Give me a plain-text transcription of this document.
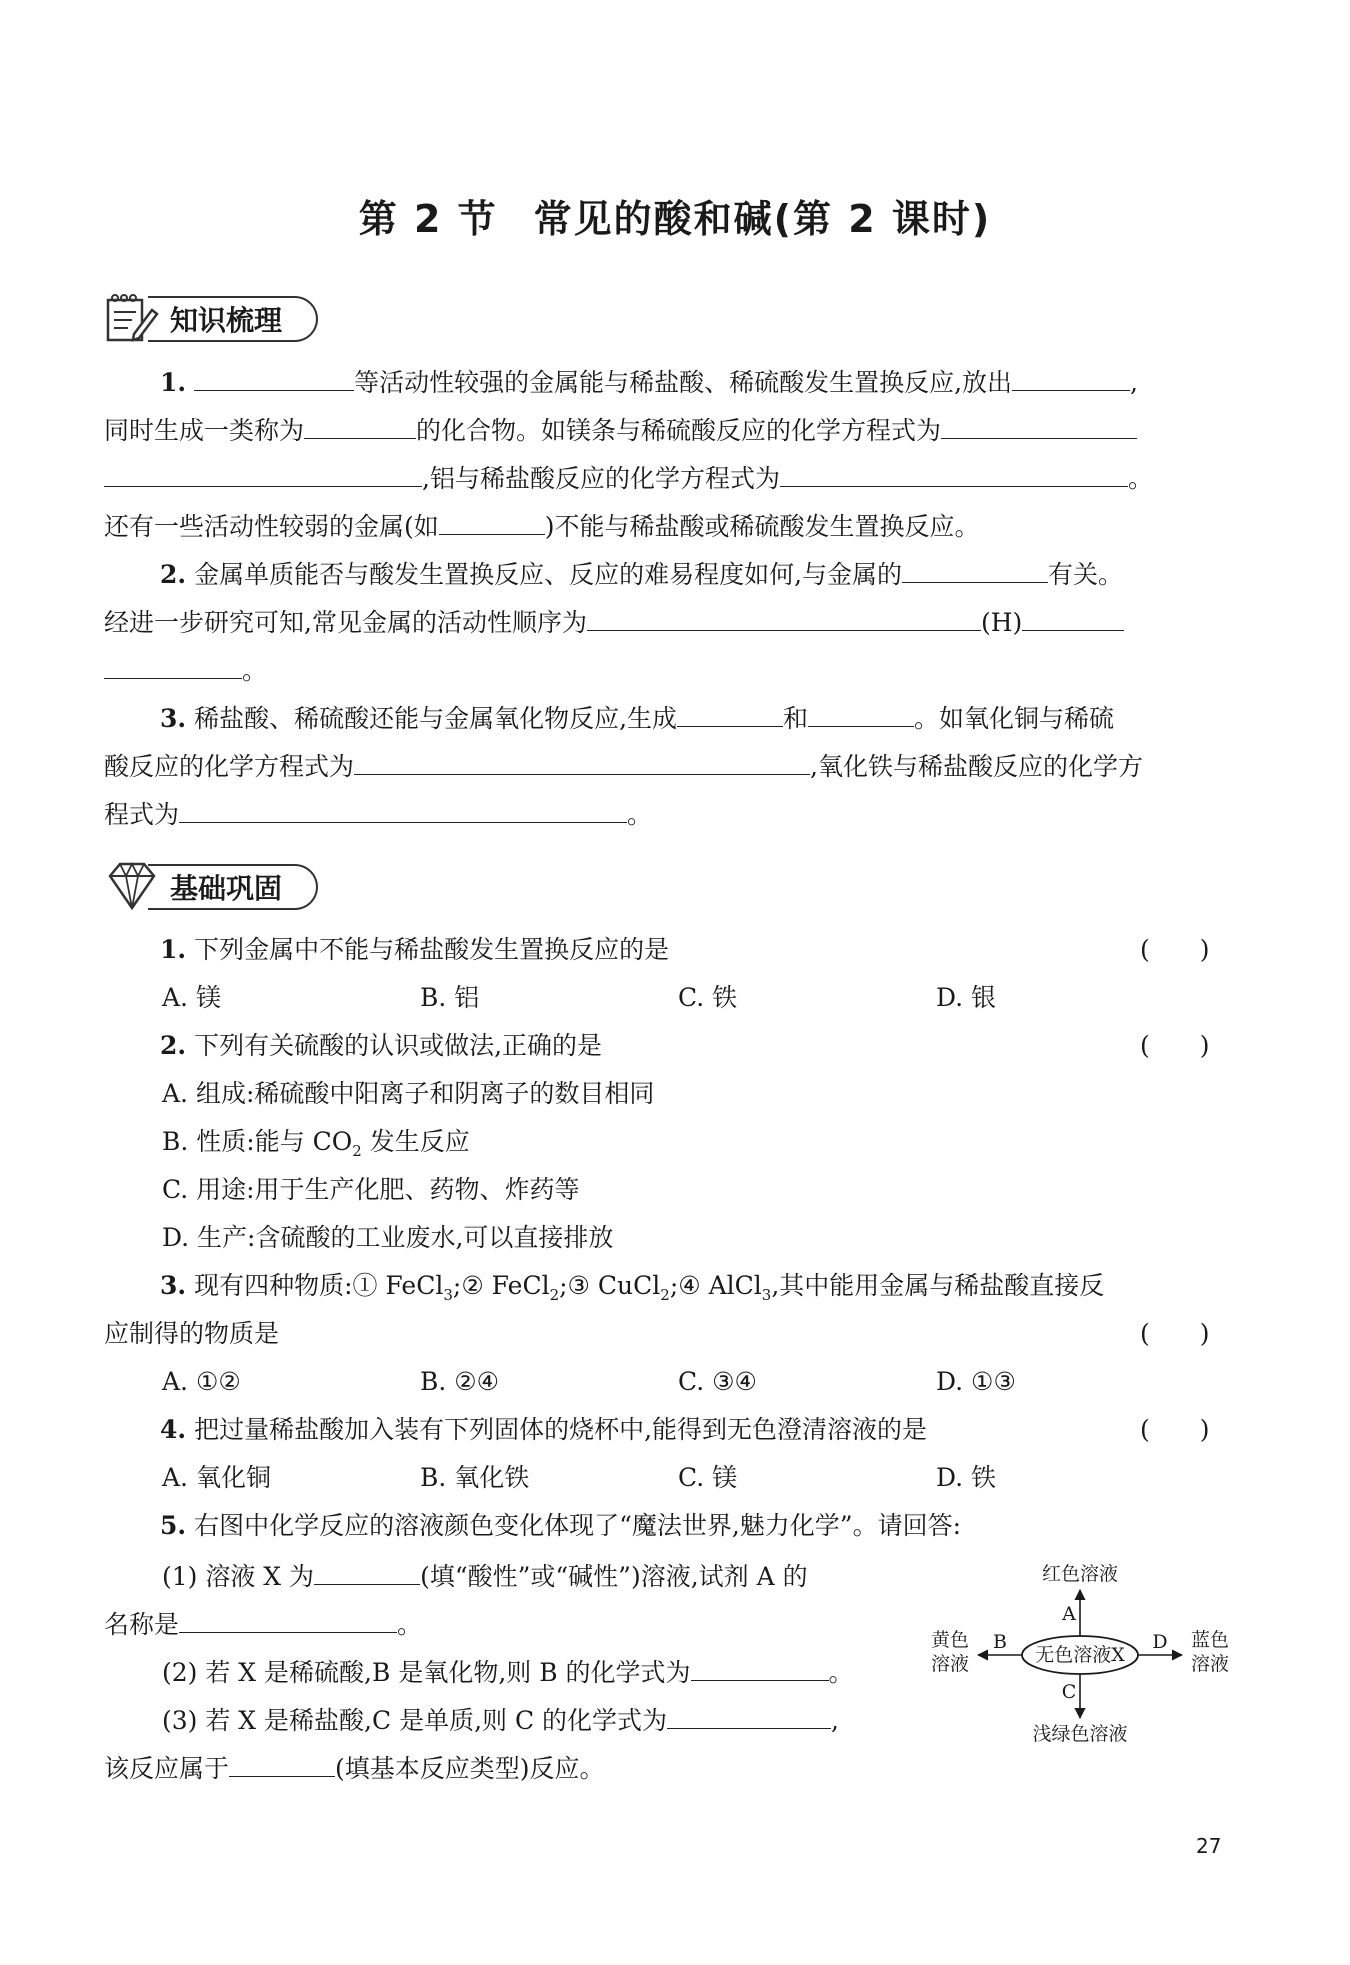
第 2 节 常见的酸和碱(第 2 课时)
知识梳理
1.	等活动性较强的金属能与稀盐酸、稀硫酸发生置换反应,放出	,
同时生成一类称为	的化合物。如镁条与稀硫酸反应的化学方程式为
,铝与稀盐酸反应的化学方程式为	。
还有一些活动性较弱的金属(如	)不能与稀盐酸或稀硫酸发生置换反应。
2. 金属单质能否与酸发生置换反应、反应的难易程度如何,与金属的	有关。
经进一步研究可知,常见金属的活动性顺序为	(H)
。
3. 稀盐酸、稀硫酸还能与金属氧化物反应,生成	和	。如氧化铜与稀硫
酸反应的化学方程式为	,氧化铁与稀盐酸反应的化学方
程式为	。
基础巩固
1. 下列金属中不能与稀盐酸发生置换反应的是	(　　)
A. 镁	B. 铝	C. 铁	D. 银
2. 下列有关硫酸的认识或做法,正确的是	(　　)
A. 组成:稀硫酸中阳离子和阴离子的数目相同
B. 性质:能与 $CO_2$ 发生反应
C. 用途:用于生产化肥、药物、炸药等
D. 生产:含硫酸的工业废水,可以直接排放
3. 现有四种物质:① FeCl$_3$;② FeCl$_2$;③ CuCl$_2$;④ AlCl$_3$,其中能用金属与稀盐酸直接反
应制得的物质是	(　　)
A. ①②	B. ②④	C. ③④	D. ①③
4. 把过量稀盐酸加入装有下列固体的烧杯中,能得到无色澄清溶液的是	(　　)
A. 氧化铜	B. 氧化铁	C. 镁	D. 铁
5. 右图中化学反应的溶液颜色变化体现了“魔法世界,魅力化学”。请回答:
(1) 溶液 X 为	(填“酸性”或“碱性”)溶液,试剂 A 的
名称是	。
(2) 若 X 是稀硫酸,B 是氧化物,则 B 的化学式为	。
(3) 若 X 是稀盐酸,C 是单质,则 C 的化学式为	,
该反应属于	(填基本反应类型)反应。
无色溶液X
A
红色溶液
B
黄色
溶液
D 蓝色
溶液
C
浅绿色溶液
27
